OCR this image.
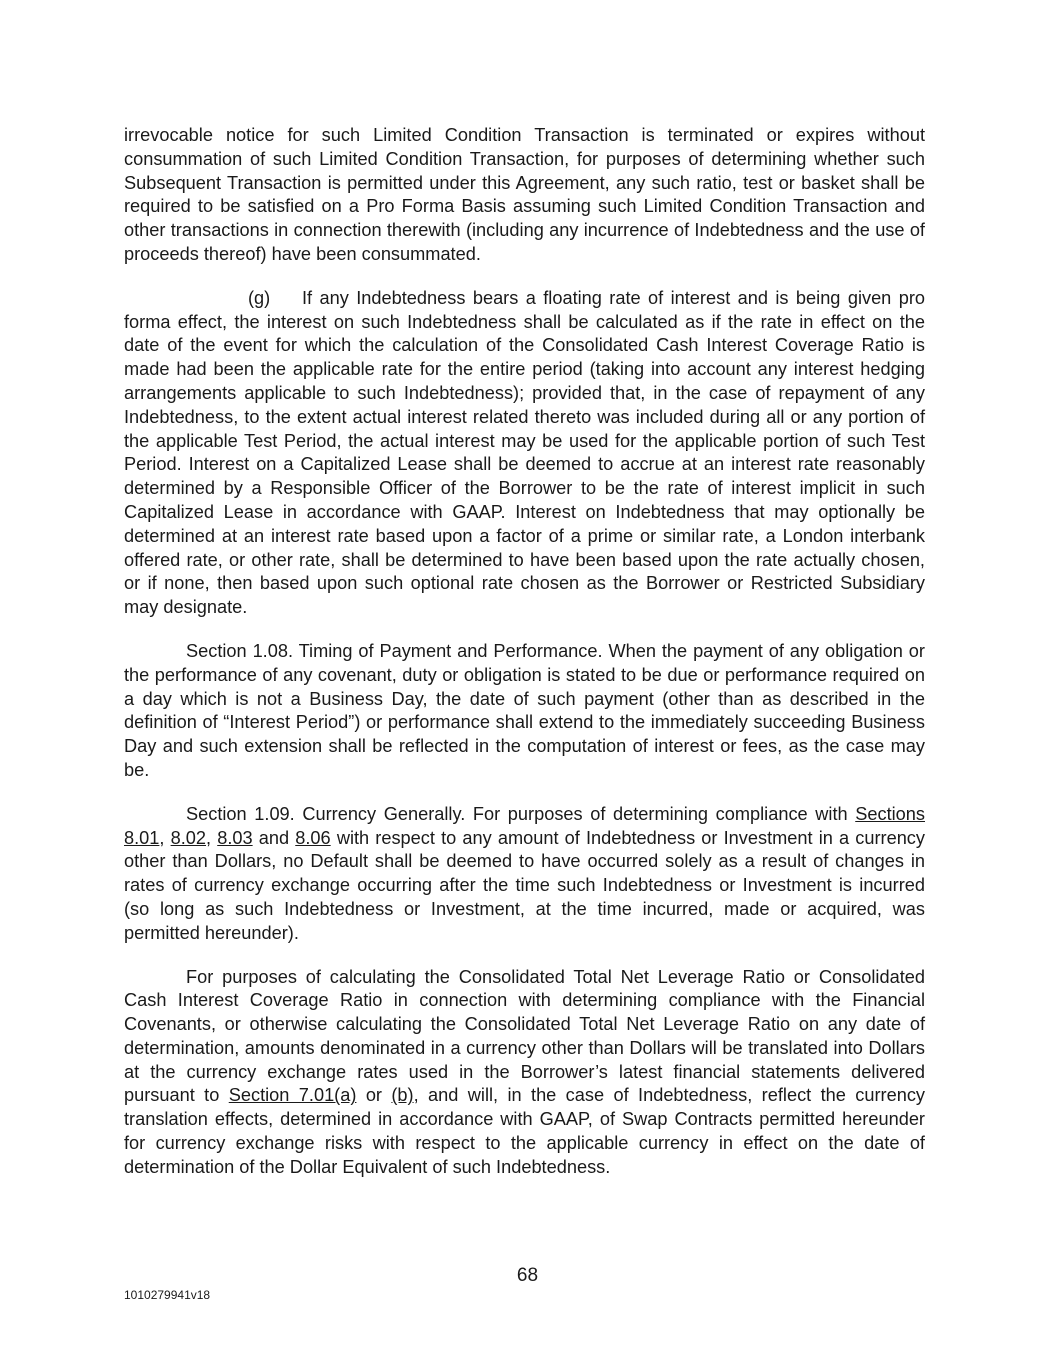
irrevocable notice for such Limited Condition Transaction is terminated or expires without consummation of such Limited Condition Transaction, for purposes of determining whether such Subsequent Transaction is permitted under this Agreement, any such ratio, test or basket shall be required to be satisfied on a Pro Forma Basis assuming such Limited Condition Transaction and other transactions in connection therewith (including any incurrence of Indebtedness and the use of proceeds thereof) have been consummated.

(g) If any Indebtedness bears a floating rate of interest and is being given pro forma effect, the interest on such Indebtedness shall be calculated as if the rate in effect on the date of the event for which the calculation of the Consolidated Cash Interest Coverage Ratio is made had been the applicable rate for the entire period (taking into account any interest hedging arrangements applicable to such Indebtedness); provided that, in the case of repayment of any Indebtedness, to the extent actual interest related thereto was included during all or any portion of the applicable Test Period, the actual interest may be used for the applicable portion of such Test Period. Interest on a Capitalized Lease shall be deemed to accrue at an interest rate reasonably determined by a Responsible Officer of the Borrower to be the rate of interest implicit in such Capitalized Lease in accordance with GAAP. Interest on Indebtedness that may optionally be determined at an interest rate based upon a factor of a prime or similar rate, a London interbank offered rate, or other rate, shall be determined to have been based upon the rate actually chosen, or if none, then based upon such optional rate chosen as the Borrower or Restricted Subsidiary may designate.

Section 1.08. Timing of Payment and Performance. When the payment of any obligation or the performance of any covenant, duty or obligation is stated to be due or performance required on a day which is not a Business Day, the date of such payment (other than as described in the definition of “Interest Period”) or performance shall extend to the immediately succeeding Business Day and such extension shall be reflected in the computation of interest or fees, as the case may be.

Section 1.09. Currency Generally. For purposes of determining compliance with Sections 8.01, 8.02, 8.03 and 8.06 with respect to any amount of Indebtedness or Investment in a currency other than Dollars, no Default shall be deemed to have occurred solely as a result of changes in rates of currency exchange occurring after the time such Indebtedness or Investment is incurred (so long as such Indebtedness or Investment, at the time incurred, made or acquired, was permitted hereunder).

For purposes of calculating the Consolidated Total Net Leverage Ratio or Consolidated Cash Interest Coverage Ratio in connection with determining compliance with the Financial Covenants, or otherwise calculating the Consolidated Total Net Leverage Ratio on any date of determination, amounts denominated in a currency other than Dollars will be translated into Dollars at the currency exchange rates used in the Borrower’s latest financial statements delivered pursuant to Section 7.01(a) or (b), and will, in the case of Indebtedness, reflect the currency translation effects, determined in accordance with GAAP, of Swap Contracts permitted hereunder for currency exchange risks with respect to the applicable currency in effect on the date of determination of the Dollar Equivalent of such Indebtedness.

68
1010279941v18
